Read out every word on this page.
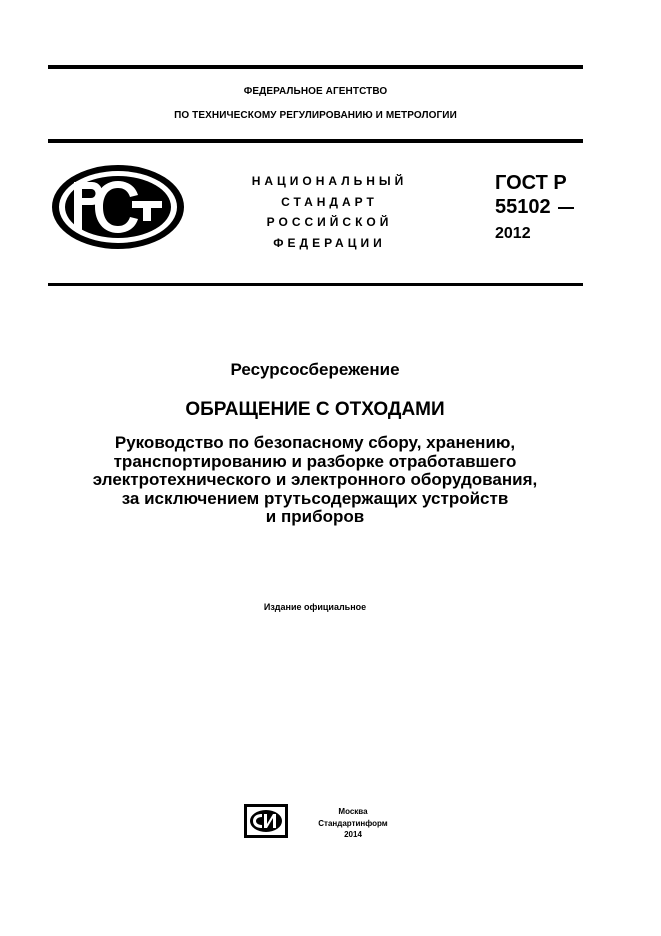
ФЕДЕРАЛЬНОЕ АГЕНТСТВО
ПО ТЕХНИЧЕСКОМУ РЕГУЛИРОВАНИЮ И МЕТРОЛОГИИ
НАЦИОНАЛЬНЫЙ
СТАНДАРТ
РОССИЙСКОЙ
ФЕДЕРАЦИИ
ГОСТ Р
55102
2012
Ресурсосбережение
ОБРАЩЕНИЕ С ОТХОДАМИ
Руководство по безопасному сбору, хранению,
транспортированию и разборке отработавшего
электротехнического и электронного оборудования,
за исключением ртутьсодержащих устройств
и приборов
Издание официальное
Москва
Стандартинформ
2014
